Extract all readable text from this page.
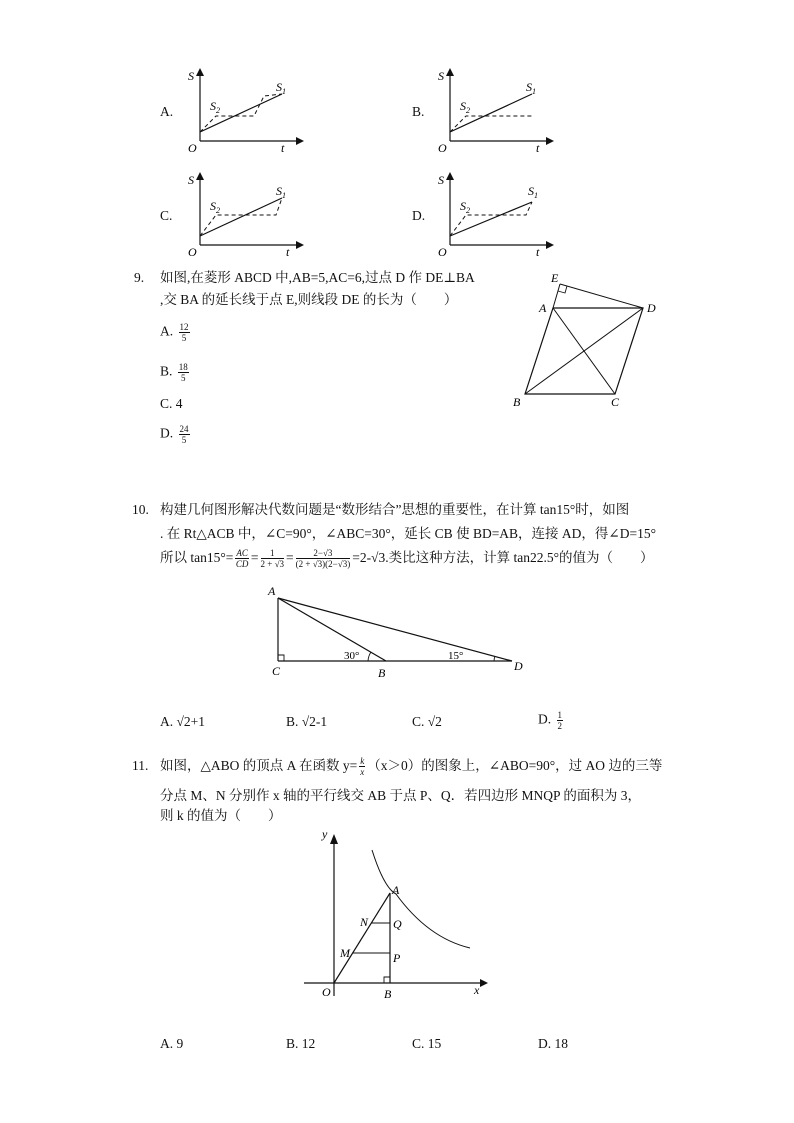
A.
S
t
O
$S_1$
$S_2$	B.
S
t
O
$S_1$
$S_2$
C.
S
t
O
$S_1$
$S_2$	D.
S
t
O
$S_1$
$S_2$
9. 如图,在菱形 ABCD 中,AB=5,AC=6,过点 D 作 DE⊥BA
,交 BA 的延长线于点 E,则线段 DE 的长为（　　）
A. $\frac{12}{5}$
B. $\frac{18}{5}$
C. 4
D. $\frac{24}{5}$
E
A	D
B	C
10. 构建几何图形解决代数问题是“数形结合”思想的重要性，在计算 tan15°时，如图
. 在 Rt△ACB 中，∠C=90°，∠ABC=30°，延长 CB 使 BD=AB，连接 AD，得∠D=15°
所以 $\tan 15^\circ= \frac{AC}{CD} = \frac{1}{2 + √3} = \frac{2-√3}{(2 + √3)(2-√3)} =2-√3$.类比这种方法，计算 tan22.5°的值为（　　）
A
C	B	D
30°	15°
A. √2+1	B. √2-1	C. √2	D. $\frac{1}{2}$
11. 如图，△ABO 的顶点 A 在函数 $y= \frac{k}{x} (x>0)$的图象上，∠ABO=90°，过 AO 边的三等
分点 M、N 分别作 x 轴的平行线交 AB 于点 P、Q．若四边形 MNQP 的面积为 3，
则 k 的值为（　　）
y
x
O
A
B
N Q
M	P
A. 9	B. 12	C. 15	D. 18
